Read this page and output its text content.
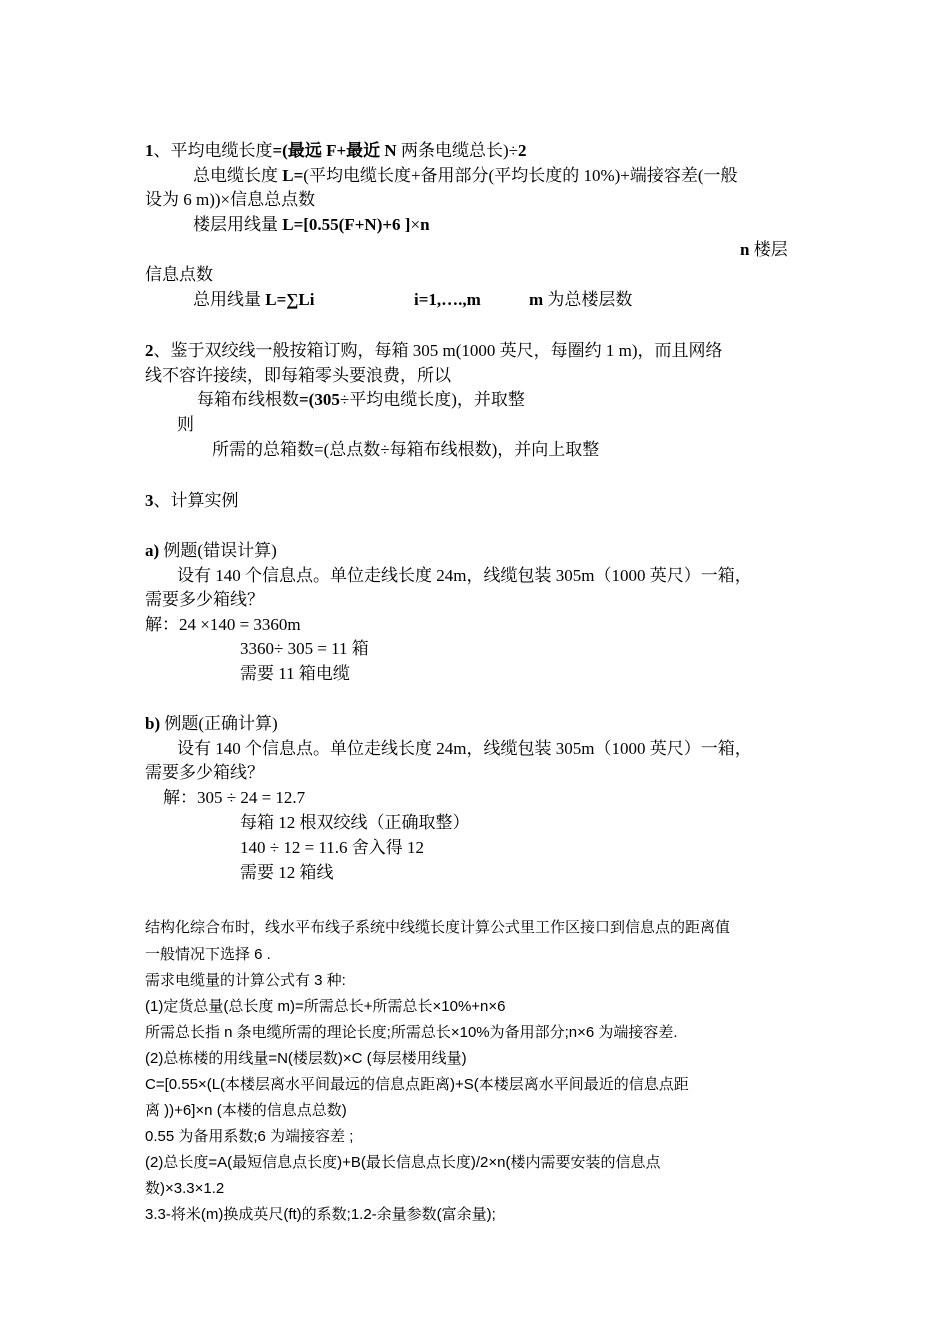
1、平均电缆长度=(最远 F+最近 N 两条电缆总长)÷2
总电缆长度 L=(平均电缆长度+备用部分(平均长度的 10%)+端接容差(一般
设为 6 m))×信息总点数
楼层用线量 L=[0.55(F+N)+6 ]×n
n 楼层
信息点数
总用线量 L=∑Li	i=1,….,m	m 为总楼层数
2、鉴于双绞线一般按箱订购，每箱 305 m(1000 英尺，每圈约 1 m)，而且网络
线不容许接续，即每箱零头要浪费，所以
每箱布线根数=(305÷平均电缆长度)，并取整
则
所需的总箱数=(总点数÷每箱布线根数)，并向上取整
3、计算实例
a) 例题(错误计算)
设有 140 个信息点。单位走线长度 24m，线缆包装 305m（1000 英尺）一箱，
需要多少箱线？
解：24 ×140 = 3360m
3360÷ 305 = 11 箱
需要 11 箱电缆
b) 例题(正确计算)
设有 140 个信息点。单位走线长度 24m，线缆包装 305m（1000 英尺）一箱，
需要多少箱线？
解：305 ÷ 24 = 12.7
每箱 12 根双绞线（正确取整）
140 ÷ 12 = 11.6 舍入得 12
需要 12 箱线
结构化综合布时，线水平布线子系统中线缆长度计算公式里工作区接口到信息点的距离值
一般情况下选择 6 .
需求电缆量的计算公式有 3 种:
(1)定货总量(总长度 m)=所需总长+所需总长×10%+n×6
所需总长指 n 条电缆所需的理论长度;所需总长×10%为备用部分;n×6 为端接容差.
(2)总栋楼的用线量=N(楼层数)×C (每层楼用线量)
C=[0.55×(L(本楼层离水平间最远的信息点距离)+S(本楼层离水平间最近的信息点距
离 ))+6]×n (本楼的信息点总数)
0.55 为备用系数;6 为端接容差 ;
(2)总长度=A(最短信息点长度)+B(最长信息点长度)/2×n(楼内需要安装的信息点
数)×3.3×1.2
3.3-将米(m)换成英尺(ft)的系数;1.2-余量参数(富余量);
